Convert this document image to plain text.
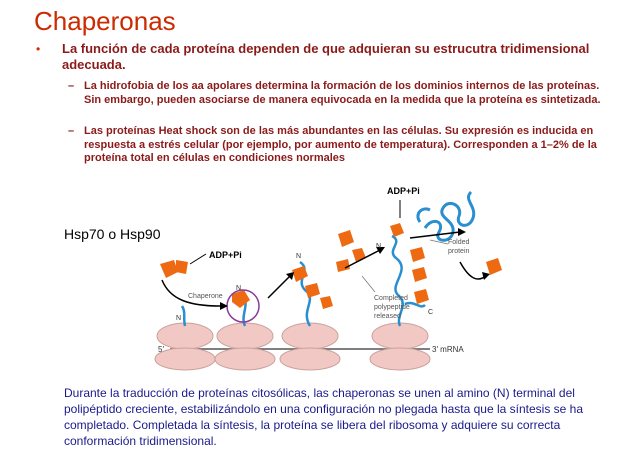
Chaperonas
• La función de cada proteína dependen de que adquieran su estrucutra tridimensional adecuada.
– La hidrofobia de los aa apolares determina la formación de los dominios internos de las proteínas. Sin embargo, pueden asociarse de manera equivocada en la medida que la proteína es sintetizada.
– Las proteínas Heat shock son de las más abundantes en las células. Su expresión es inducida en respuesta a estrés celular (por ejemplo, por aumento de temperatura). Corresponden a 1–2% de la proteína total en células en condiciones normales
Hsp70 o Hsp90
5′	3′ mRNA
ADP+Pi
ADP+Pi
Chaperone	Completed
polypeptide
released
Folded
protein
N
N
N
N
C
Durante la traducción de proteínas citosólicas, las chaperonas se unen al amino (N) terminal del polipéptido creciente, estabilizándolo en una configuración no plegada hasta que la síntesis se ha completado. Completada la síntesis, la proteína se libera del ribosoma y adquiere su correcta conformación tridimensional.
